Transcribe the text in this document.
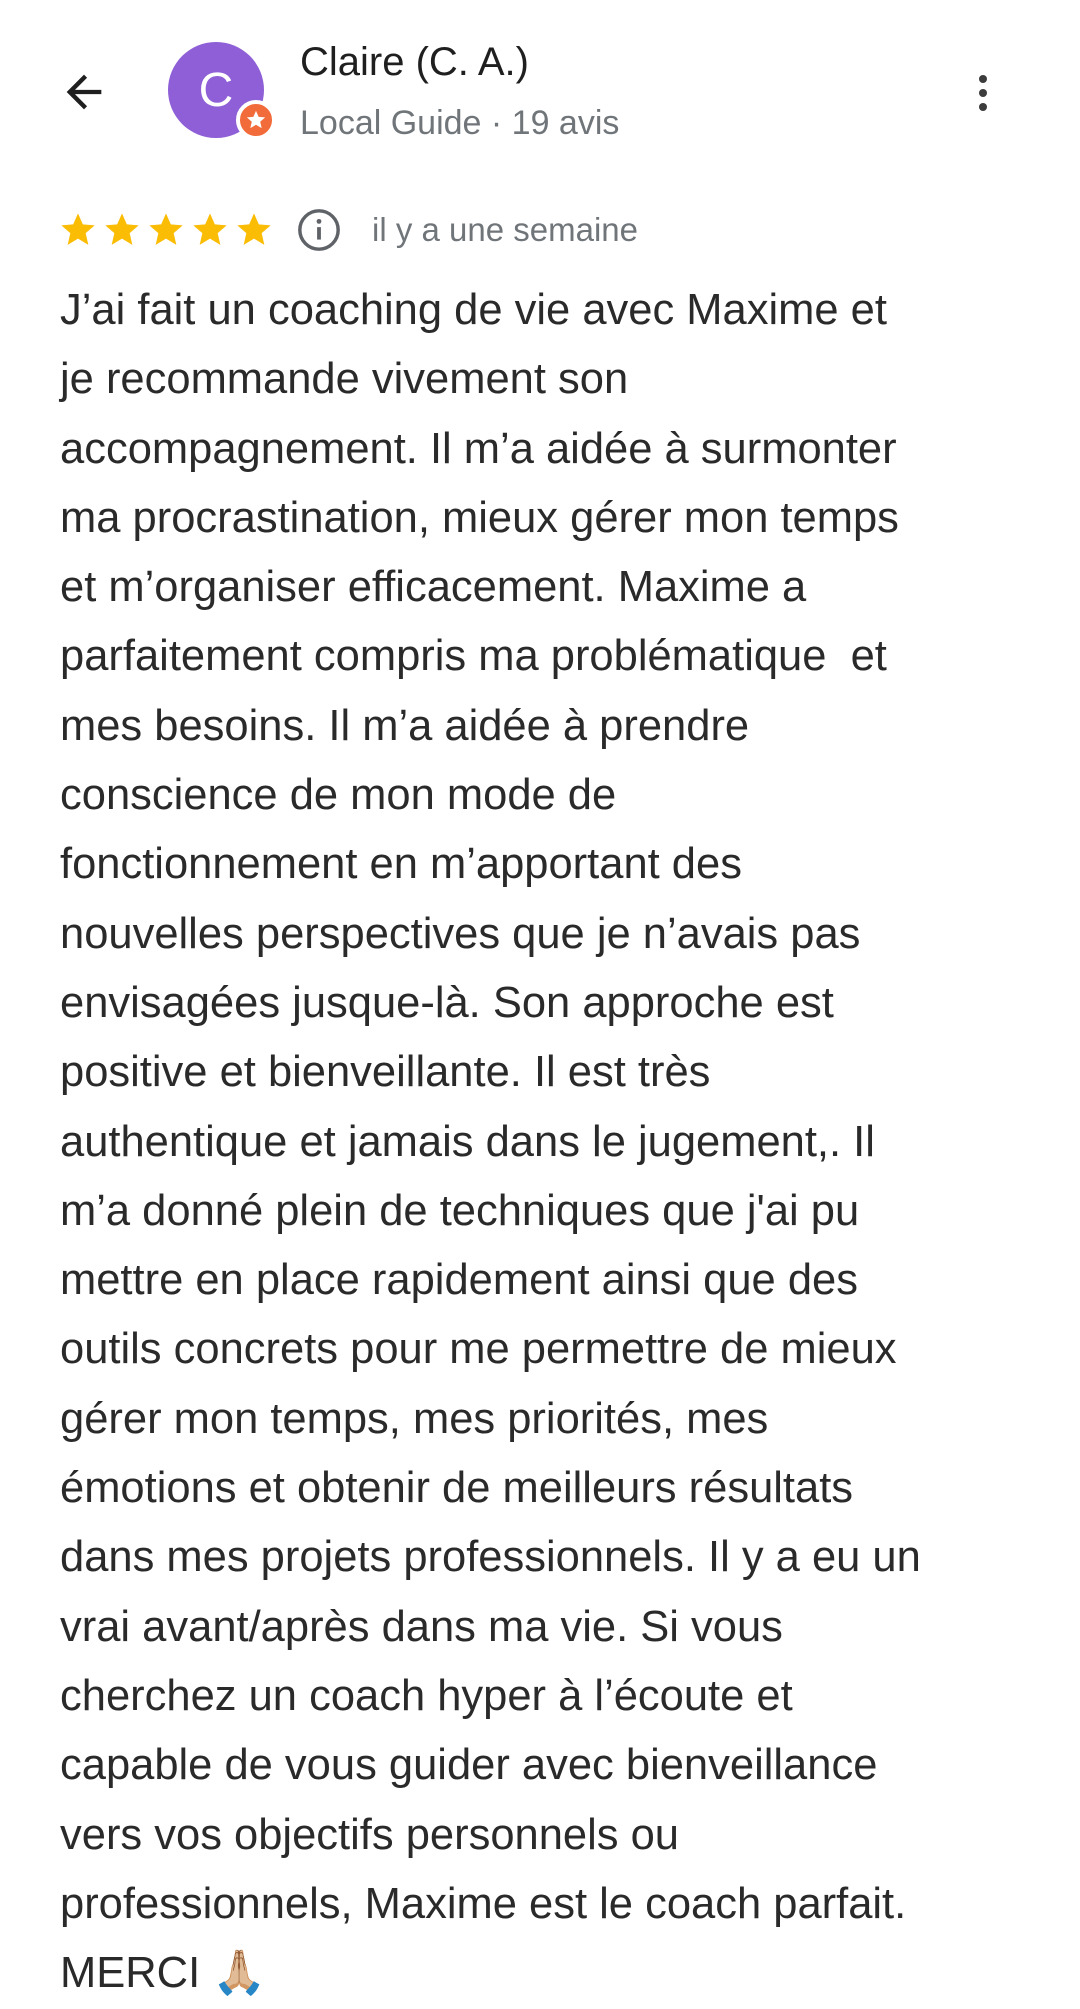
C
Claire (C. A.)
Local Guide · 19 avis
il y a une semaine

J’ai fait un coaching de vie avec Maxime et
je recommande vivement son
accompagnement. Il m’a aidée à surmonter
ma procrastination, mieux gérer mon temps
et m’organiser efficacement. Maxime a
parfaitement compris ma problématique  et
mes besoins. Il m’a aidée à prendre
conscience de mon mode de
fonctionnement en m’apportant des
nouvelles perspectives que je n’avais pas
envisagées jusque-là. Son approche est
positive et bienveillante. Il est très
authentique et jamais dans le jugement,. Il
m’a donné plein de techniques que j'ai pu
mettre en place rapidement ainsi que des
outils concrets pour me permettre de mieux
gérer mon temps, mes priorités, mes
émotions et obtenir de meilleurs résultats
dans mes projets professionnels. Il y a eu un
vrai avant/après dans ma vie. Si vous
cherchez un coach hyper à l’écoute et
capable de vous guider avec bienveillance
vers vos objectifs personnels ou
professionnels, Maxime est le coach parfait.
MERCI 🙏🏼
